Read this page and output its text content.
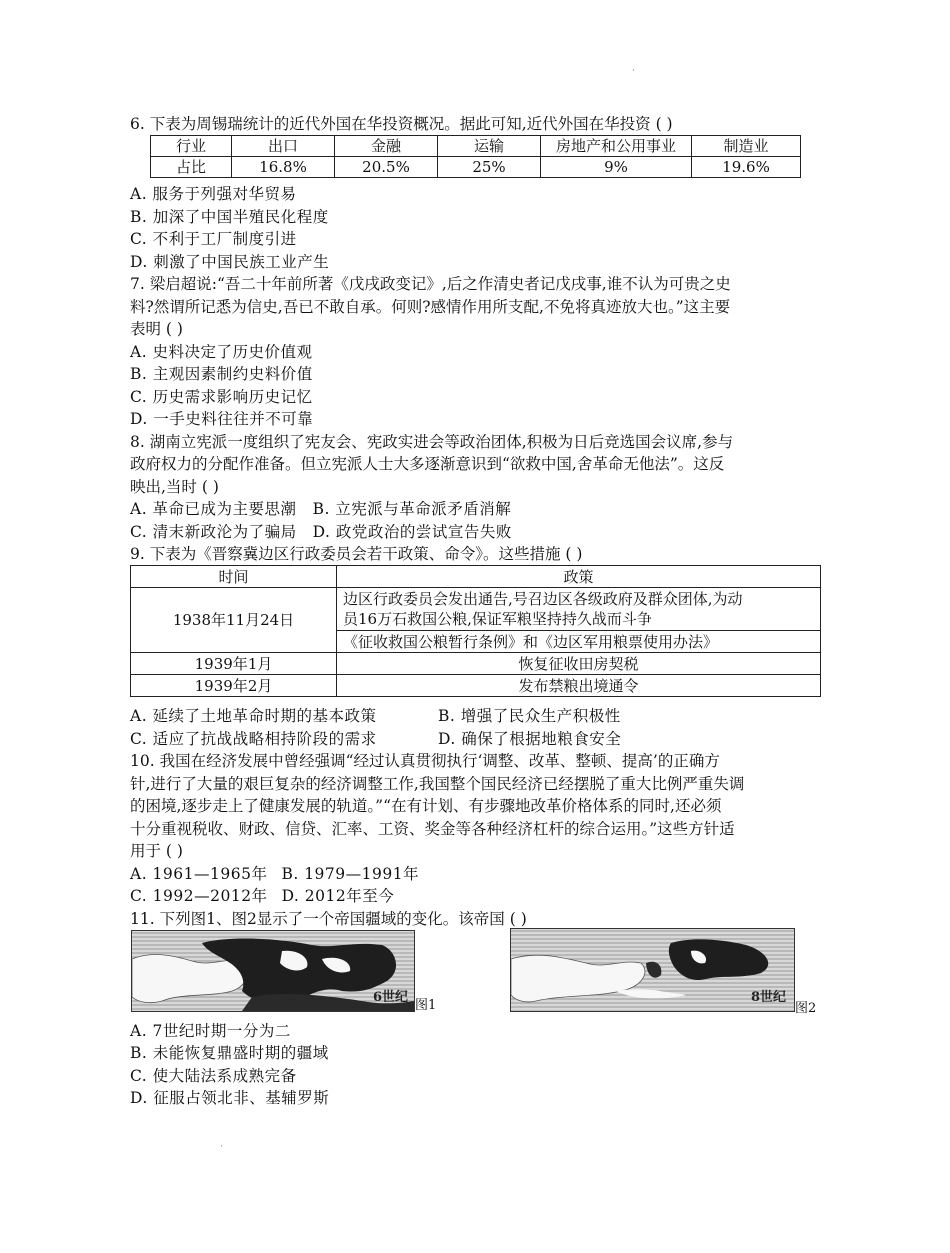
·
6. 下表为周锡瑞统计的近代外国在华投资概况。据此可知,近代外国在华投资 ( )
行业	出口	金融	运输	房地产和公用事业	制造业
占比	16.8%	20.5%	25%	9%	19.6%
A. 服务于列强对华贸易
B. 加深了中国半殖民化程度
C. 不利于工厂制度引进
D. 刺激了中国民族工业产生
7. 梁启超说:“吾二十年前所著《戊戌政变记》,后之作清史者记戊戌事,谁不认为可贵之史
料?然谓所记悉为信史,吾已不敢自承。何则?感情作用所支配,不免将真迹放大也。”这主要
表明 ( )
A. 史料决定了历史价值观
B. 主观因素制约史料价值
C. 历史需求影响历史记忆
D. 一手史料往往并不可靠
8. 湖南立宪派一度组织了宪友会、宪政实进会等政治团体,积极为日后竞选国会议席,参与
政府权力的分配作准备。但立宪派人士大多逐渐意识到“欲救中国,舍革命无他法”。这反
映出,当时 ( )
A. 革命已成为主要思潮 B. 立宪派与革命派矛盾消解
C. 清末新政沦为了骗局 D. 政党政治的尝试宣告失败
9. 下表为《晋察冀边区行政委员会若干政策、命令》。这些措施 ( )
时间	政策
1938年11月24日	边区行政委员会发出通告,号召边区各级政府及群众团体,为动
员16万石救国公粮,保证军粮坚持持久战而斗争

	《征收救国公粮暂行条例》和《边区军用粮票使用办法》
1939年1月	恢复征收田房契税
1939年2月	发布禁粮出境通令
A. 延续了土地革命时期的基本政策	B. 增强了民众生产积极性
C. 适应了抗战战略相持阶段的需求	D. 确保了根据地粮食安全
10. 我国在经济发展中曾经强调“经过认真贯彻执行‘调整、改革、整顿、提高’的正确方
针,进行了大量的艰巨复杂的经济调整工作,我国整个国民经济已经摆脱了重大比例严重失调
的困境,逐步走上了健康发展的轨道。”“在有计划、有步骤地改革价格体系的同时,还必须
十分重视税收、财政、信贷、汇率、工资、奖金等各种经济杠杆的综合运用。”这些方针适
用于 ( )
A. 1961—1965年 B. 1979—1991年
C. 1992—2012年 D. 2012年至今
11. 下列图1、图2显示了一个帝国疆域的变化。该帝国 ( )
6世纪
图1
8世纪
图2
A. 7世纪时期一分为二
B. 未能恢复鼎盛时期的疆域
C. 使大陆法系成熟完备
D. 征服占领北非、基辅罗斯
·
